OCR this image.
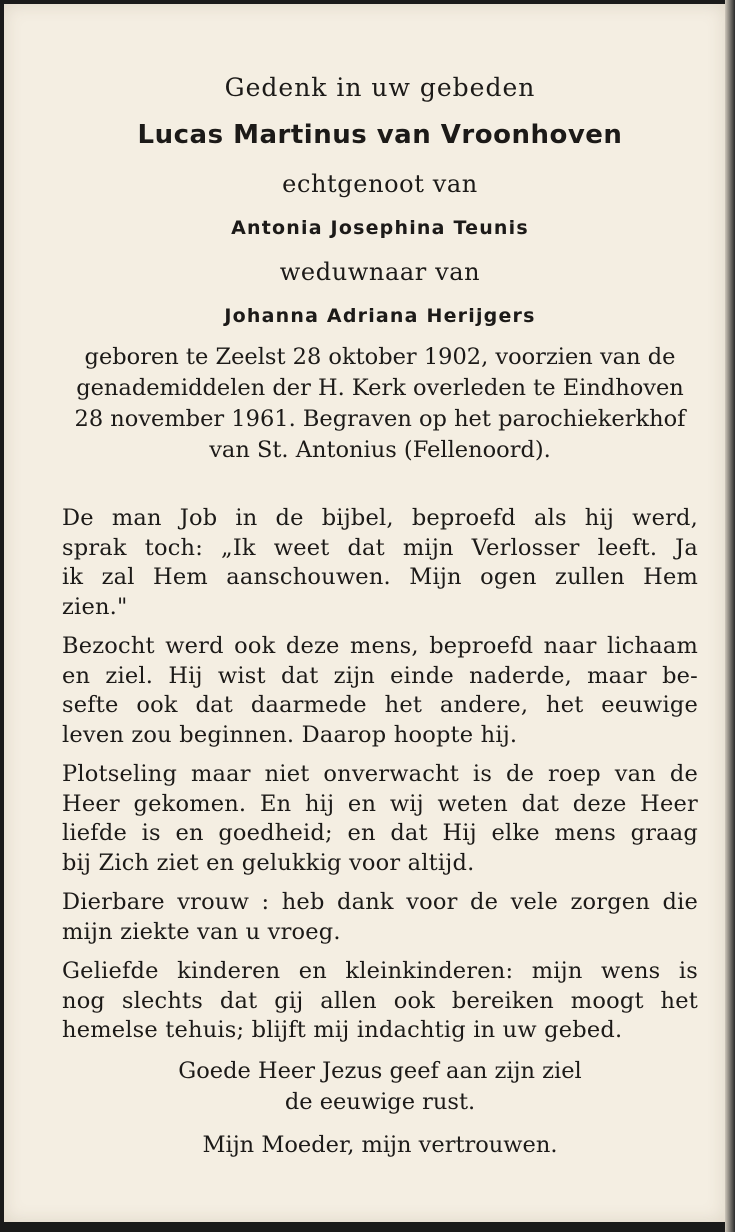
Gedenk in uw gebeden

Lucas Martinus van Vroonhoven

echtgenoot van

Antonia Josephina Teunis

weduwnaar van

Johanna Adriana Herijgers

geboren te Zeelst 28 oktober 1902, voorzien van de
genademiddelen der H. Kerk overleden te Eindhoven
28 november 1961. Begraven op het parochiekerkhof
van St. Antonius (Fellenoord).
De man Job in de bijbel, beproefd als hij werd,
sprak toch: „Ik weet dat mijn Verlosser leeft. Ja
ik zal Hem aanschouwen. Mijn ogen zullen Hem
zien."
Bezocht werd ook deze mens, beproefd naar lichaam
en ziel. Hij wist dat zijn einde naderde, maar be-
sefte ook dat daarmede het andere, het eeuwige
leven zou beginnen. Daarop hoopte hij.
Plotseling maar niet onverwacht is de roep van de
Heer gekomen. En hij en wij weten dat deze Heer
liefde is en goedheid; en dat Hij elke mens graag
bij Zich ziet en gelukkig voor altijd.
Dierbare vrouw : heb dank voor de vele zorgen die
mijn ziekte van u vroeg.
Geliefde kinderen en kleinkinderen: mijn wens is
nog slechts dat gij allen ook bereiken moogt het
hemelse tehuis; blijft mij indachtig in uw gebed.
Goede Heer Jezus geef aan zijn ziel
de eeuwige rust.

Mijn Moeder, mijn vertrouwen.
